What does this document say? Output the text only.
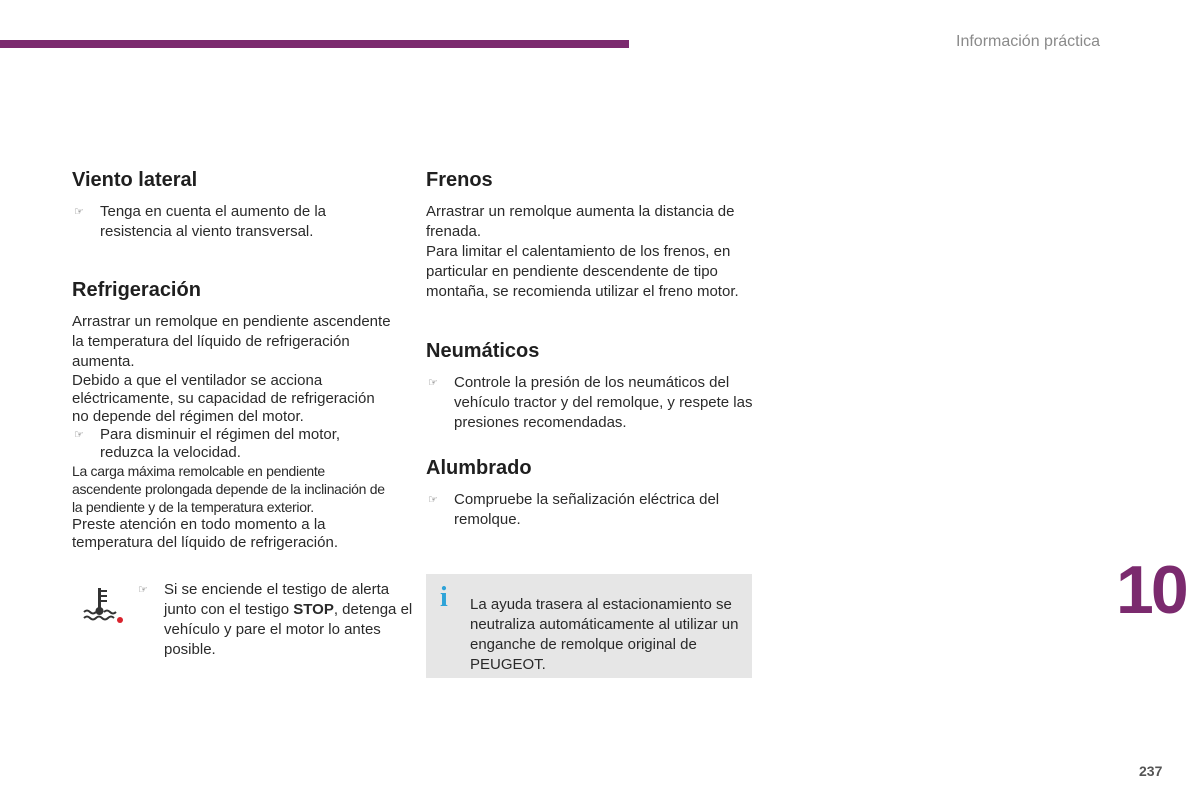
Información práctica
Viento lateral

☞ Tenga en cuenta el aumento de la resistencia al viento transversal.

Refrigeración

Arrastrar un remolque en pendiente ascendente la temperatura del líquido de refrigeración aumenta.

Debido a que el ventilador se acciona eléctricamente, su capacidad de refrigeración no depende del régimen del motor.

☞ Para disminuir el régimen del motor, reduzca la velocidad.

La carga máxima remolcable en pendiente ascendente prolongada depende de la inclinación de la pendiente y de la temperatura exterior.

Preste atención en todo momento a la temperatura del líquido de refrigeración.

☞ Si se enciende el testigo de alerta junto con el testigo STOP, detenga el vehículo y pare el motor lo antes posible.

Frenos

Arrastrar un remolque aumenta la distancia de frenada.

Para limitar el calentamiento de los frenos, en particular en pendiente descendente de tipo montaña, se recomienda utilizar el freno motor.

Neumáticos

☞ Controle la presión de los neumáticos del vehículo tractor y del remolque, y respete las presiones recomendadas.

Alumbrado

☞ Compruebe la señalización eléctrica del remolque.

i La ayuda trasera al estacionamiento se neutraliza automáticamente al utilizar un enganche de remolque original de PEUGEOT.

10
237
